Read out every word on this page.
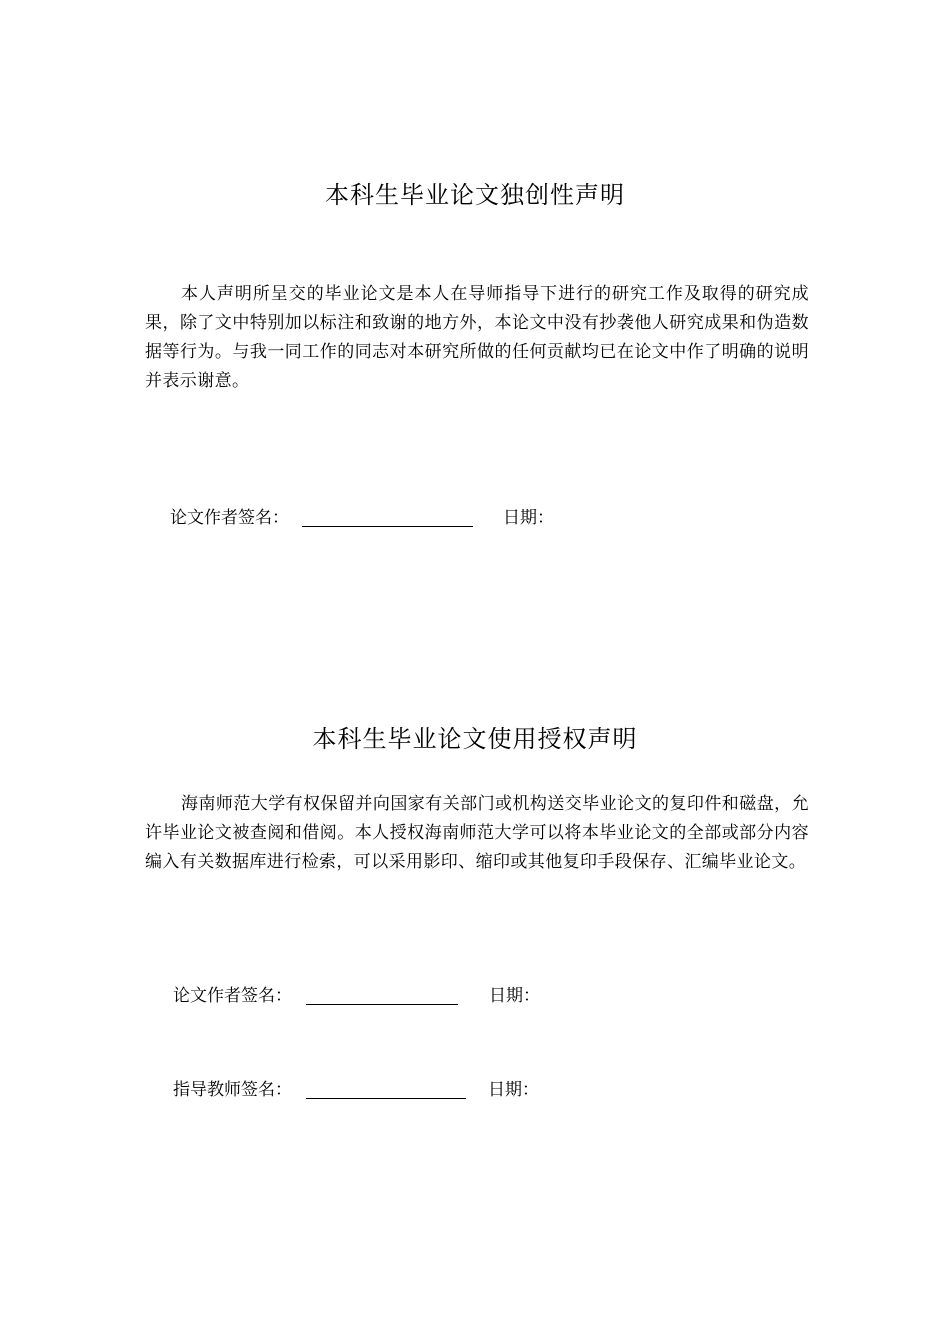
本科生毕业论文独创性声明
本人声明所呈交的毕业论文是本人在导师指导下进行的研究工作及取得的研究成果，除了文中特别加以标注和致谢的地方外，本论文中没有抄袭他人研究成果和伪造数据等行为。与我一同工作的同志对本研究所做的任何贡献均已在论文中作了明确的说明并表示谢意。
论文作者签名：	日期：
本科生毕业论文使用授权声明
海南师范大学有权保留并向国家有关部门或机构送交毕业论文的复印件和磁盘，允许毕业论文被查阅和借阅。本人授权海南师范大学可以将本毕业论文的全部或部分内容编入有关数据库进行检索，可以采用影印、缩印或其他复印手段保存、汇编毕业论文。
论文作者签名：	日期：
指导教师签名：	日期：
